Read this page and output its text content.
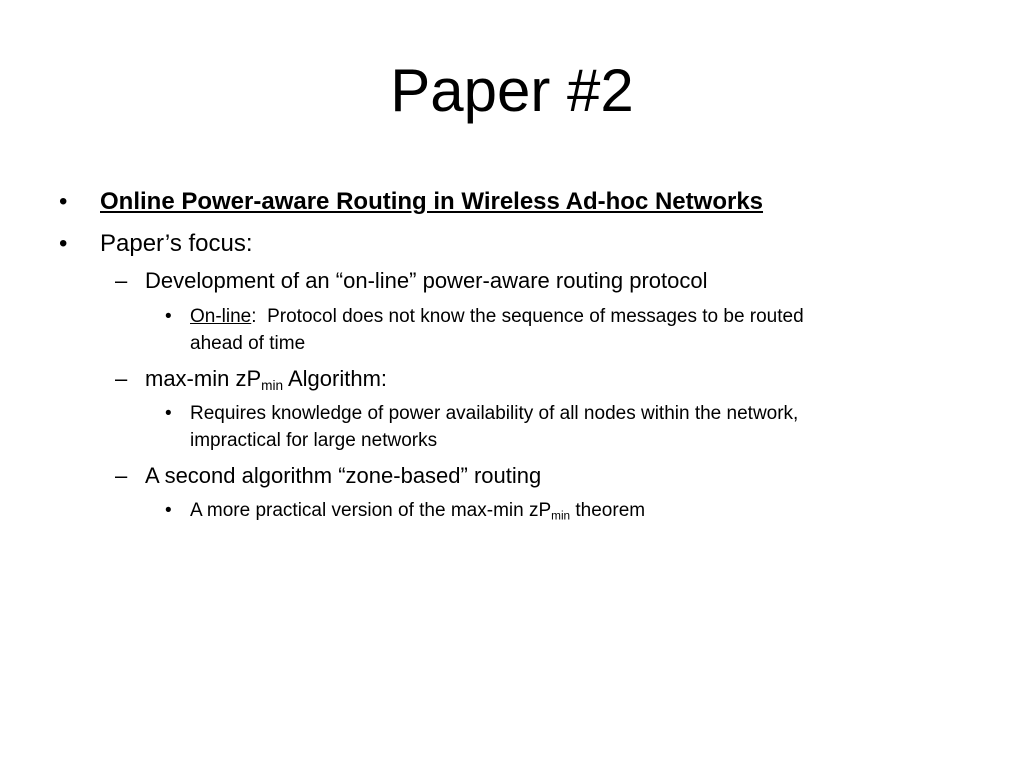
Paper #2
• Online Power-aware Routing in Wireless Ad-hoc Networks
• Paper’s focus:
– Development of an “on-line” power-aware routing protocol
• On-line: Protocol does not know the sequence of messages to be routed
ahead of time
– max-min $zP_{min}$ Algorithm:
• Requires knowledge of power availability of all nodes within the network,
impractical for large networks
– A second algorithm “zone-based” routing
• A more practical version of the max-min $zP_{min}$ theorem
